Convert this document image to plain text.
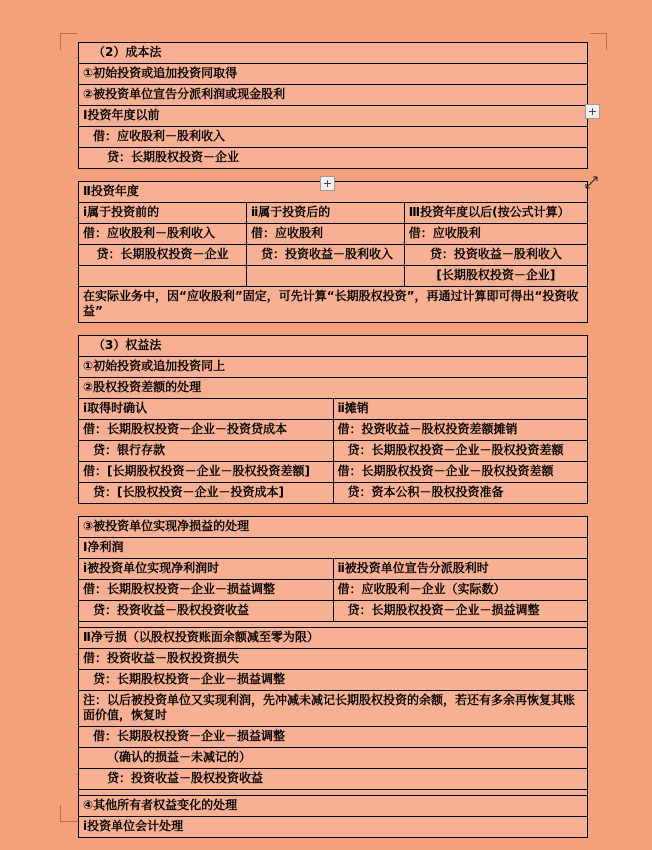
（2）成本法
①初始投资或追加投资同取得
②被投资单位宣告分派利润或现金股利
Ⅰ投资年度以前
借：应收股利－股利收入
贷：长期股权投资－企业
Ⅱ投资年度		
ⅰ属于投资前的	ⅱ属于投资后的	Ⅲ投资年度以后(按公式计算）
借：应收股利－股利收入	借：应收股利	借：应收股利
贷：长期股权投资－企业	贷：投资收益－股利收入	贷：投资收益－股利收入
		[长期股权投资－企业]
在实际业务中，因“应收股利”固定，可先计算“长期股权投资”，再通过计算即可得出“投资收益”		
（3）权益法	
①初始投资或追加投资同上	
②股权投资差额的处理	
ⅰ取得时确认	ⅱ摊销
借：长期股权投资－企业－投资贷成本	借：投资收益－股权投资差额摊销
贷：银行存款	贷：长期股权投资－企业－股权投资差额
借：[长期股权投资－企业－股权投资差额]	借：长期股权投资－企业－股权投资差额
贷：[长股权投资－企业－投资成本]	贷：资本公积－股权投资准备
③被投资单位实现净损益的处理	
Ⅰ净利润	
ⅰ被投资单位实现净利润时	ⅱ被投资单位宣告分派股利时
借：长期股权投资－企业－损益调整	借：应收股利－企业（实际数）
贷：投资收益－股权投资收益	贷：长期股权投资－企业－损益调整

Ⅱ净亏损（以股权投资账面余额减至零为限）	
借：投资收益－股权投资损失	
贷：长期股权投资－企业－损益调整	
注：以后被投资单位又实现利润，先冲减未减记长期股权投资的余额，若还有多余再恢复其账面价值，恢复时	
借：长期股权投资－企业－损益调整	
（确认的损益－未减记的）	
贷：投资收益－股权投资收益	

④其他所有者权益变化的处理	
ⅰ投资单位会计处理	
+
+
